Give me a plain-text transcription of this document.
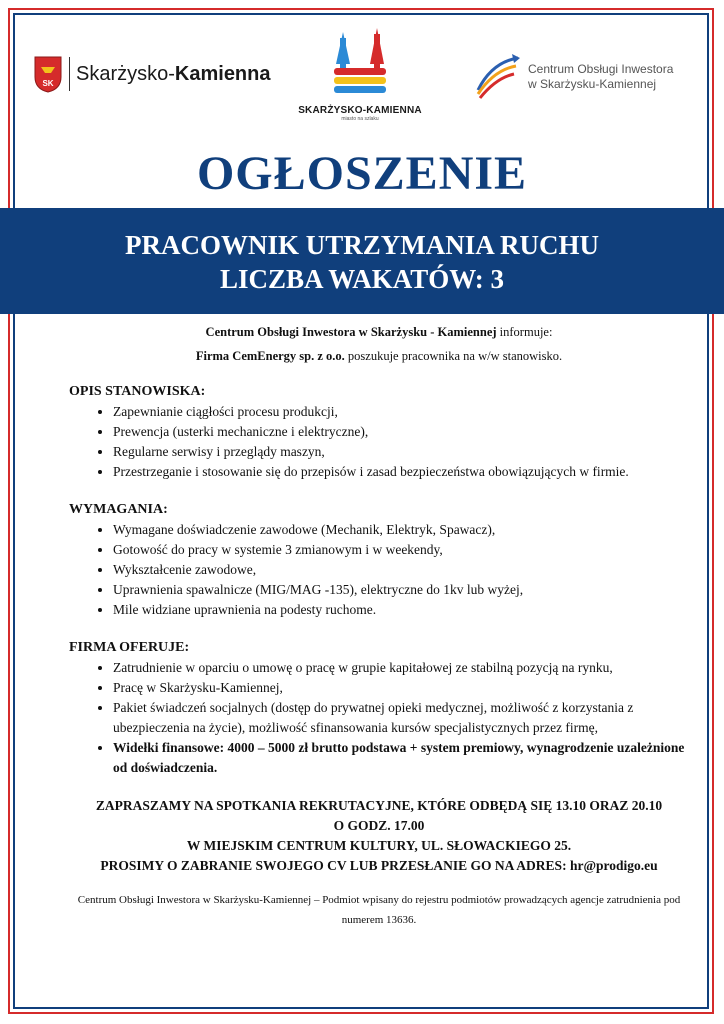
SK Skarżysko-Kamienna
SKARŻYSKO-KAMIENNA
miasto na szlaku
Centrum Obsługi Inwestora
w Skarżysku-Kamiennej
OGŁOSZENIE
PRACOWNIK UTRZYMANIA RUCHU
LICZBA WAKATÓW: 3

Centrum Obsługi Inwestora w Skarżysku - Kamiennej informuje:

Firma CemEnergy sp. z o.o. poszukuje pracownika na w/w stanowisko.

OPIS STANOWISKA:

• Zapewnianie ciągłości procesu produkcji,
• Prewencja (usterki mechaniczne i elektryczne),
• Regularne serwisy i przeglądy maszyn,
• Przestrzeganie i stosowanie się do przepisów i zasad bezpieczeństwa obowiązujących w firmie.

WYMAGANIA:

• Wymagane doświadczenie zawodowe (Mechanik, Elektryk, Spawacz),
• Gotowość do pracy w systemie 3 zmianowym i w weekendy,
• Wykształcenie zawodowe,
• Uprawnienia spawalnicze (MIG/MAG -135), elektryczne do 1kv lub wyżej,
• Mile widziane uprawnienia na podesty ruchome.

FIRMA OFERUJE:

• Zatrudnienie w oparciu o umowę o pracę w grupie kapitałowej ze stabilną pozycją na rynku,
• Pracę w Skarżysku-Kamiennej,
• Pakiet świadczeń socjalnych (dostęp do prywatnej opieki medycznej, możliwość z korzystania z ubezpieczenia na życie), możliwość sfinansowania kursów specjalistycznych przez firmę,
• Widełki finansowe: 4000 – 5000 zł brutto podstawa + system premiowy, wynagrodzenie uzależnione od doświadczenia.
ZAPRASZAMY NA SPOTKANIA REKRUTACYJNE, KTÓRE ODBĘDĄ SIĘ 13.10 ORAZ 20.10
O GODZ. 17.00
W MIEJSKIM CENTRUM KULTURY, UL. SŁOWACKIEGO 25.
PROSIMY O ZABRANIE SWOJEGO CV LUB PRZESŁANIE GO NA ADRES: hr@prodigo.eu
Centrum Obsługi Inwestora w Skarżysku-Kamiennej – Podmiot wpisany do rejestru podmiotów prowadzących agencje zatrudnienia pod numerem 13636.
